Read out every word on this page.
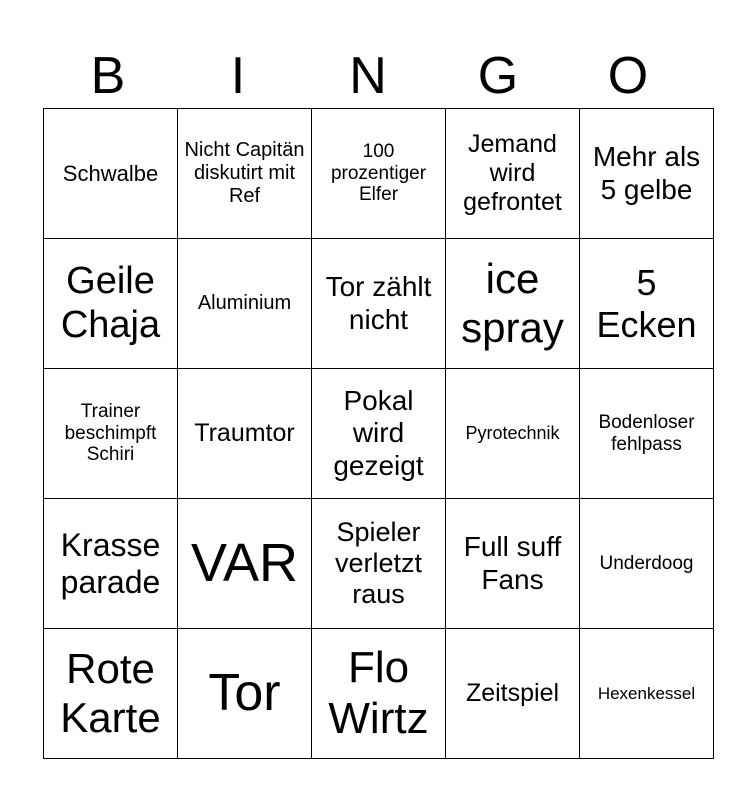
B	I	N	G	O
Schwalbe	Nicht Capitän diskutirt mit Ref	100 prozentiger Elfer	Jemand wird gefrontet	Mehr als 5 gelbe
Geile Chaja	Aluminium	Tor zählt nicht	ice spray	5 Ecken
Trainer beschimpft Schiri	Traumtor	Pokal wird gezeigt	Pyrotechnik	Bodenloser fehlpass
Krasse parade	VAR	Spieler verletzt raus	Full suff Fans	Underdoog
Rote Karte	Tor	Flo Wirtz	Zeitspiel	Hexenkessel
